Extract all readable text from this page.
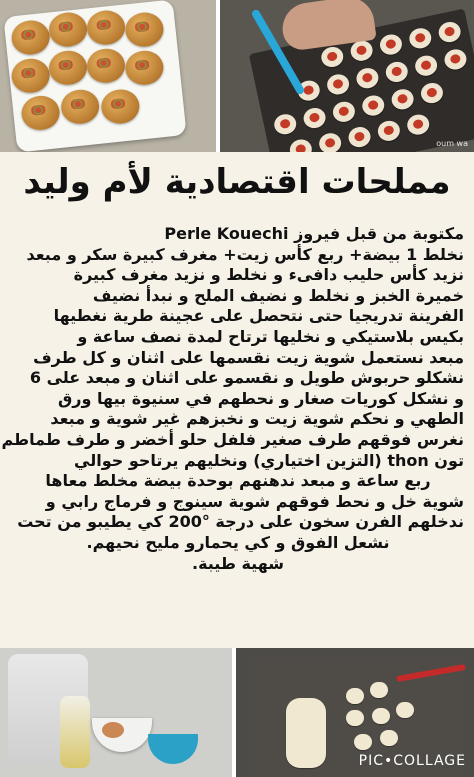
oum wa
مملحات اقتصادية لأم وليد
مكتوبة من قبل فيروز Perle Kouechi
نخلط 1 بيضة+ ربع كأس زيت+ مغرف كبيرة سكر و مبعد
نزيد كأس حليب دافىء و نخلط و نزيد مغرف كبيرة
خميرة الخبز و نخلط و نضيف الملح و نبدأ نضيف
الفرينة تدريجيا حتى نتحصل على عجينة طرية نغطيها
بكيس بلاستيكي و نخليها ترتاح لمدة نصف ساعة و
مبعد نستعمل شوية زيت نقسمها على اثنان و كل طرف
نشكلو حربوش طويل و نقسمو على اثنان و مبعد على 6
و نشكل كوريات صغار و نحطهم في سنيوة بيها ورق
الطهي و نحكم شوية زيت و نخبزهم غير شوية و مبعد
نغرس فوقهم طرف صغير فلفل حلو أخضر و طرف طماطم
تون thon (التزين اختياري) ونخليهم يرتاحو حوالي
ربع ساعة و مبعد ندهنهم بوحدة بيضة مخلط معاها
شوية خل و نحط فوقهم شوية سينوج و فرماج رابي و
ندخلهم الفرن سخون على درجة °200 كي يطيبو من تحت
نشعل الفوق و كي يحمارو مليح نحيهم.
شهية طيبة.
PIC•COLLAGE
